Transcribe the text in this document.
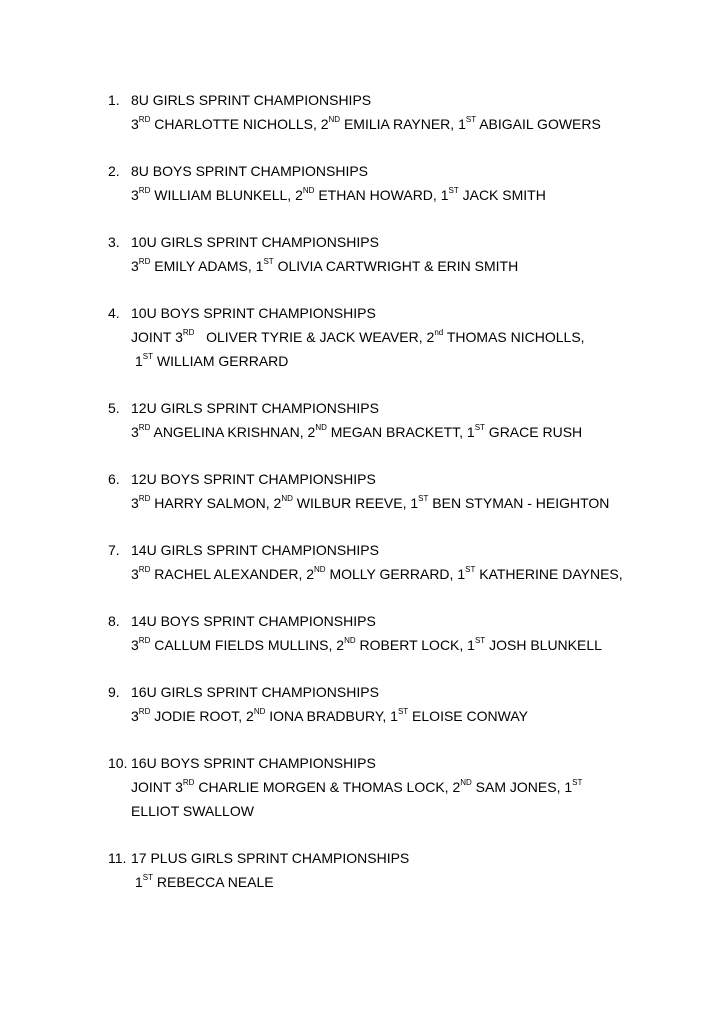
1. 8U GIRLS SPRINT CHAMPIONSHIPS
3RD CHARLOTTE NICHOLLS, 2ND EMILIA RAYNER, 1ST ABIGAIL GOWERS
2. 8U BOYS SPRINT CHAMPIONSHIPS
3RD WILLIAM BLUNKELL, 2ND ETHAN HOWARD, 1ST JACK SMITH
3. 10U GIRLS SPRINT CHAMPIONSHIPS
3RD EMILY ADAMS, 1ST OLIVIA CARTWRIGHT & ERIN SMITH
4. 10U BOYS SPRINT CHAMPIONSHIPS
JOINT 3RD   OLIVER TYRIE & JACK WEAVER, 2nd THOMAS NICHOLLS,
1ST WILLIAM GERRARD
5. 12U GIRLS SPRINT CHAMPIONSHIPS
3RD ANGELINA KRISHNAN, 2ND MEGAN BRACKETT, 1ST GRACE RUSH
6. 12U BOYS SPRINT CHAMPIONSHIPS
3RD HARRY SALMON, 2ND WILBUR REEVE, 1ST BEN STYMAN - HEIGHTON
7. 14U GIRLS SPRINT CHAMPIONSHIPS
3RD RACHEL ALEXANDER, 2ND MOLLY GERRARD, 1ST KATHERINE DAYNES,
8. 14U BOYS SPRINT CHAMPIONSHIPS
3RD CALLUM FIELDS MULLINS, 2ND ROBERT LOCK, 1ST JOSH BLUNKELL
9. 16U GIRLS SPRINT CHAMPIONSHIPS
3RD JODIE ROOT, 2ND IONA BRADBURY, 1ST ELOISE CONWAY
10. 16U BOYS SPRINT CHAMPIONSHIPS
JOINT 3RD CHARLIE MORGEN & THOMAS LOCK, 2ND SAM JONES, 1ST
ELLIOT SWALLOW
11. 17 PLUS GIRLS SPRINT CHAMPIONSHIPS
1ST REBECCA NEALE
